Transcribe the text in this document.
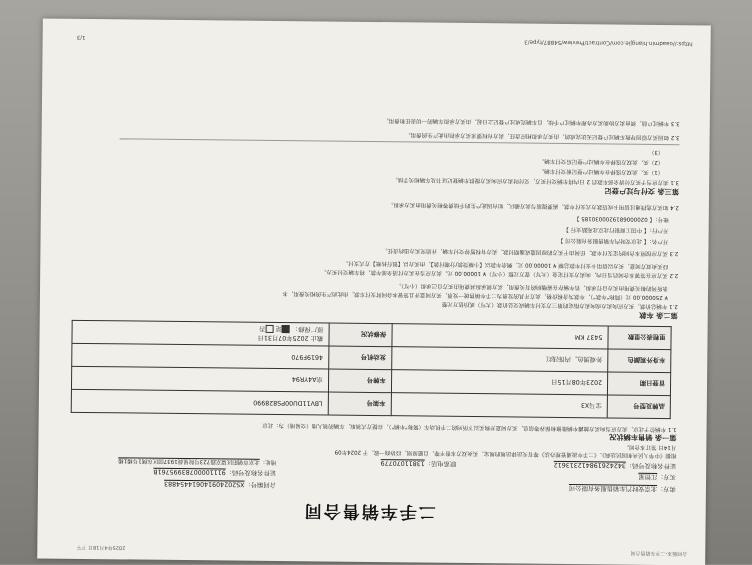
合同版本-二手车销售合同
2025年4月18日 下午
二手车销售合同
合同编号：XS20240914061445488​3
卖方：北京安时汽车销售服务有限公司
证件名称及号码：91110000783995761B
地址：北京市朝阳区望京路723号院星晨1937园区东侧1号楼1楼
买方：江恒星
证件名称及号码：3424261984123​13612
联系电话：13811070779
根据《中华人民共和国民法典》、《二手车流通管理办法》等有关法律法规的规定，买卖双方本着平等、自愿原则，经协商一致，于 2024年09
月14日 签订本合同。
第一条 销售车辆状况
1.1 车辆位于北京，卖方应当向买方披露车辆维修和保养等信息，买方同意并购买以下所列的二手机动车（简称"车辆"），自提方式领取，车辆的领入地（交易地）为：北京
品牌及型号	宝马X3	车架号	LBV11DU00PS828990
首登日期	2023年08月15日	车牌号	京A4YR94
车身外观颜色	外观黑色，内饰浅红	发动机号	4619F970
里程表公里数	5437 KM	保修状况	截止 2025年07月31日
原厂保修： 是 否
第二条 车款
2.1 车辆总价款，买方应向卖方或向卖方指定的第三方支付车辆成交总价款（大写）贰拾伍万元整
¥ 250000.00 元（简称"车款"），车款为含税价格，卖方开具的发票为二手车销售统一发票，买方同意并且签署本合同时支付车款，由此而产生的相关费用，本
条所列的相关费用由买方自行承担，若车辆存在需缴纳的有关费用，买方须承担其费用由买方自己承担（小写）。
2.2 买方应在签署本合同后当日内，向卖方支付定金（大写）壹万元整（小写）¥ 10000.00 元。卖方应当在买方付清全部车款，将车辆交付买方。
经买卖双方同意，买方以信用卡支付车款总额 ¥ 10000.00 元，剩余车款以【小额贷款/分期付款】，由买方以【银行转账】方式支付。
2.3 买方应按照本合同约定支付车款，任何由于买方的原因造成逾期付款，卖方有权暂停交付车辆，并追究买方违约责任。
开户名：【 北京安时汽车销售服务有限公司 】
开户行：【 中国工商银行北京北苑路支行 】
账号：【 0200006819200030185 】
2.4 如买方选择通过信用卡或贷款方式支付车款，需要提前与卖方确认，如有因此产生的手续费等相关费用由买方承担。
第三条 交付与过户登记
3.1 卖方应当于买方付清全部车款后 2 日内将车辆交付买方，交付时卖方应向买方提供车辆登记证书及车辆相关手续。
（1）买、卖双方选择在车辆过户登记前交付车辆。
（2）买、卖双方选择在车辆过户登记后交付车辆。
（3）
3.2 如因买方原因导致车辆过户登记无法完成的，由买方承担相应责任，卖方有权要求买方承担由此产生的费用。
3.3 车辆过户前，须由卖方协助买方办理车辆过户手续，自车辆完成过户登记之日起，由买方承担车辆的一切责任和费用。
https://oaadmin.hiangjie.com/Contract/Preview/54887/type/3
1/3
